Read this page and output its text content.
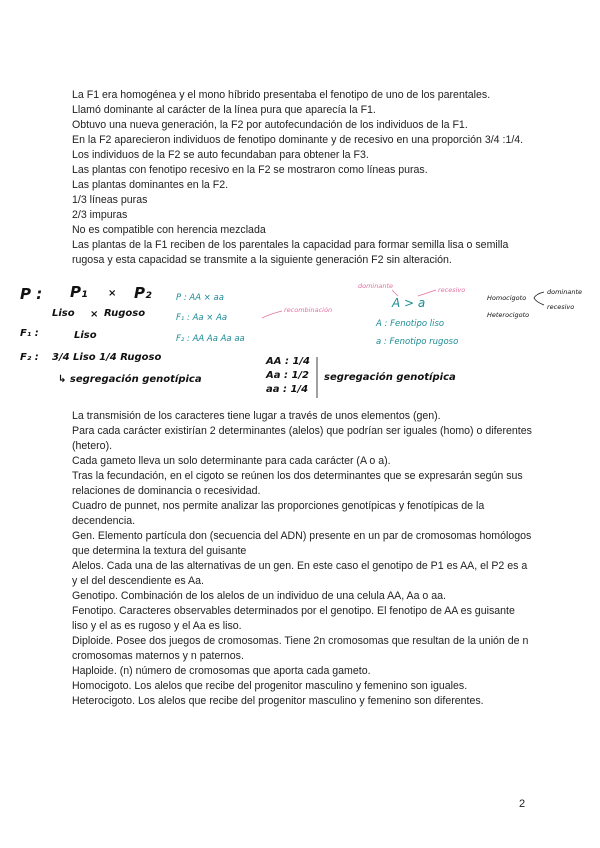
La F1 era homogénea y el mono híbrido presentaba el fenotipo de uno de los parentales.

Llamó dominante al carácter de la línea pura que aparecía la F1.

Obtuvo una nueva generación, la F2 por autofecundación de los individuos de la F1.

En la F2 aparecieron individuos de fenotipo dominante y de recesivo en una proporción 3/4 :1/4.

Los individuos de la F2 se auto fecundaban para obtener la F3.

Las plantas con fenotipo recesivo en la F2 se mostraron como líneas puras.

Las plantas dominantes en la F2.

1/3 líneas puras

2/3 impuras

No es compatible con herencia mezclada

Las plantas de la F1 reciben de los parentales la capacidad para formar semilla lisa o semilla rugosa y esta capacidad se transmite a la siguiente generación F2 sin alteración.

P : P₁ × P₂
Liso × Rugoso
F₁ :	Liso
F₂ : 3/4 Liso 1/4 Rugoso
↳ segregación genotípica
P : AA × aa
F₁ : Aa × Aa
F₂ : AA Aa Aa aa
recombinación
dominante	recesivo
A > a
A : Fenotipo liso
a : Fenotipo rugoso
Homocigoto
Heterocigoto
dominante
recesivo
AA : 1/4
Aa : 1/2
aa : 1/4
segregación genotípica

La transmisión de los caracteres tiene lugar a través de unos elementos (gen).

Para cada carácter existirían 2 determinantes (alelos) que podrían ser iguales (homo) o diferentes (hetero).

Cada gameto lleva un solo determinante para cada carácter (A o a).

Tras la fecundación, en el cigoto se reúnen los dos determinantes que se expresarán según sus relaciones de dominancia o recesividad.

Cuadro de punnet, nos permite analizar las proporciones genotípicas y fenotípicas de la decendencia.

Gen. Elemento partícula don (secuencia del ADN) presente en un par de cromosomas homólogos que determina la textura del guisante

Alelos. Cada una de las alternativas de un gen. En este caso el genotipo de P1 es AA, el P2 es a y el del descendiente es Aa.

Genotipo. Combinación de los alelos de un individuo de una celula AA, Aa o aa.

Fenotipo. Caracteres observables determinados por el genotipo. El fenotipo de AA es guisante liso y el as es rugoso y el Aa es liso.

Diploide. Posee dos juegos de cromosomas. Tiene 2n cromosomas que resultan de la unión de n cromosomas maternos y n paternos.

Haploide. (n) número de cromosomas que aporta cada gameto.

Homocigoto. Los alelos que recibe del progenitor masculino y femenino son iguales.

Heterocigoto. Los alelos que recibe del progenitor masculino y femenino son diferentes.

2
